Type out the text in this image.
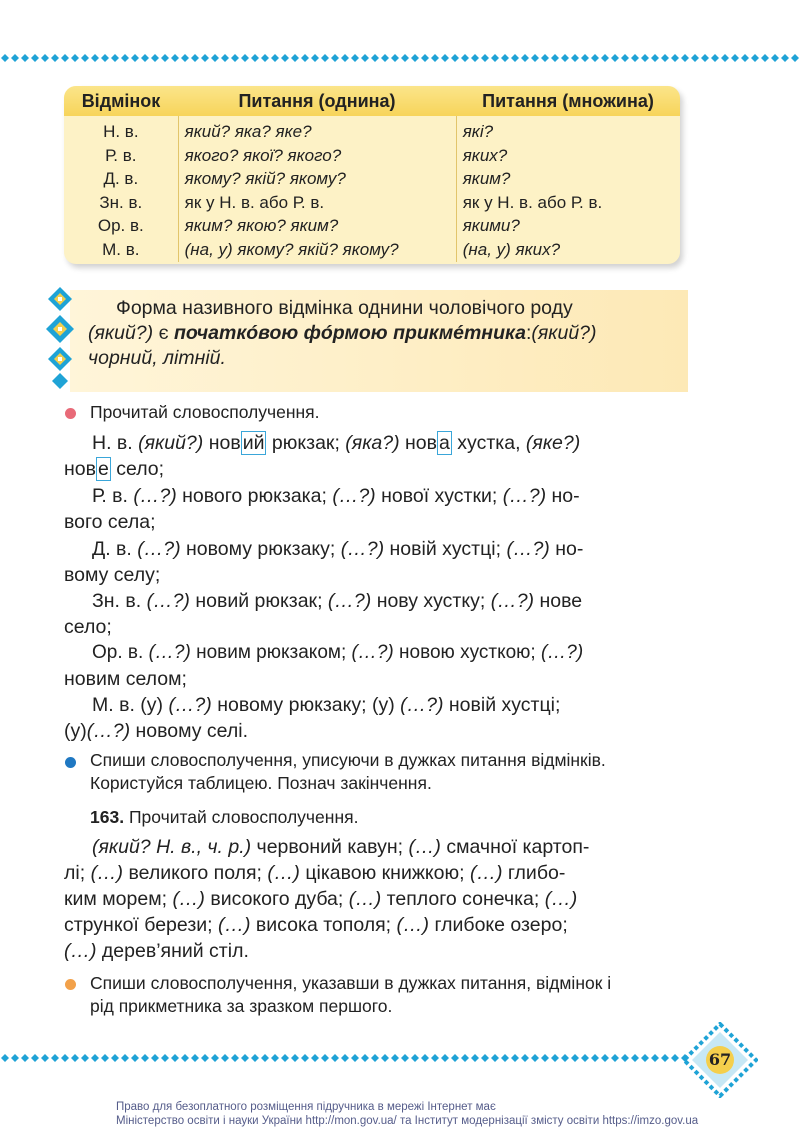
Відмінок	Питання (однина)	Питання (множина)
Н. в.
Р. в.
Д. в.
Зн. в.
Ор. в.
М. в.
який? яка? яке?
якого? якої? якого?
якому? якій? якому?
як у Н. в. або Р. в.
яким? якою? яким?
(на, у) якому? якій? якому?
які?
яких?
яким?
як у Н. в. або Р. в.
якими?
(на, у) яких?
Форма називного відмінка однини чоловічого роду
(який?) є початкóвою фóрмою прикмéтника:(який?)
чорний, літній.
Прочитай словосполучення.
Н. в. (який?) нов ий рюкзак; (яка?) нов а хустка, (яке?)
нов е село;
Р. в. (…?) нового рюкзака; (…?) нової хустки; (…?) но-
вого села;
Д. в. (…?) новому рюкзаку; (…?) новій хустці; (…?) но-
вому селу;
Зн. в. (…?) новий рюкзак; (…?) нову хустку; (…?) нове
село;
Ор. в. (…?) новим рюкзаком; (…?) новою хусткою; (…?)
новим селом;
М. в. (у) (…?) новому рюкзаку; (у) (…?) новій хустці;
(у)(…?) новому селі.
Спиши словосполучення, уписуючи в дужках питання відмінків.
Користуйся таблицею. Познач закінчення.
163. Прочитай словосполучення.
(який? Н. в., ч. р.) червоний кавун; (…) смачної картоп-
лі; (…) великого поля; (…) цікавою книжкою; (…) глибо-
ким морем; (…) високого дуба; (…) теплого сонечка; (…)
стрункої берези; (…) висока тополя; (…) глибоке озеро;
(…) дерев’яний стіл.
Спиши словосполучення, указавши в дужках питання, відмінок і
рід прикметника за зразком першого.
67
Право для безоплатного розміщення підручника в мережі Інтернет має
Міністерство освіти і науки України http://mon.gov.ua/ та Інститут модернізації змісту освіти https://imzo.gov.ua
